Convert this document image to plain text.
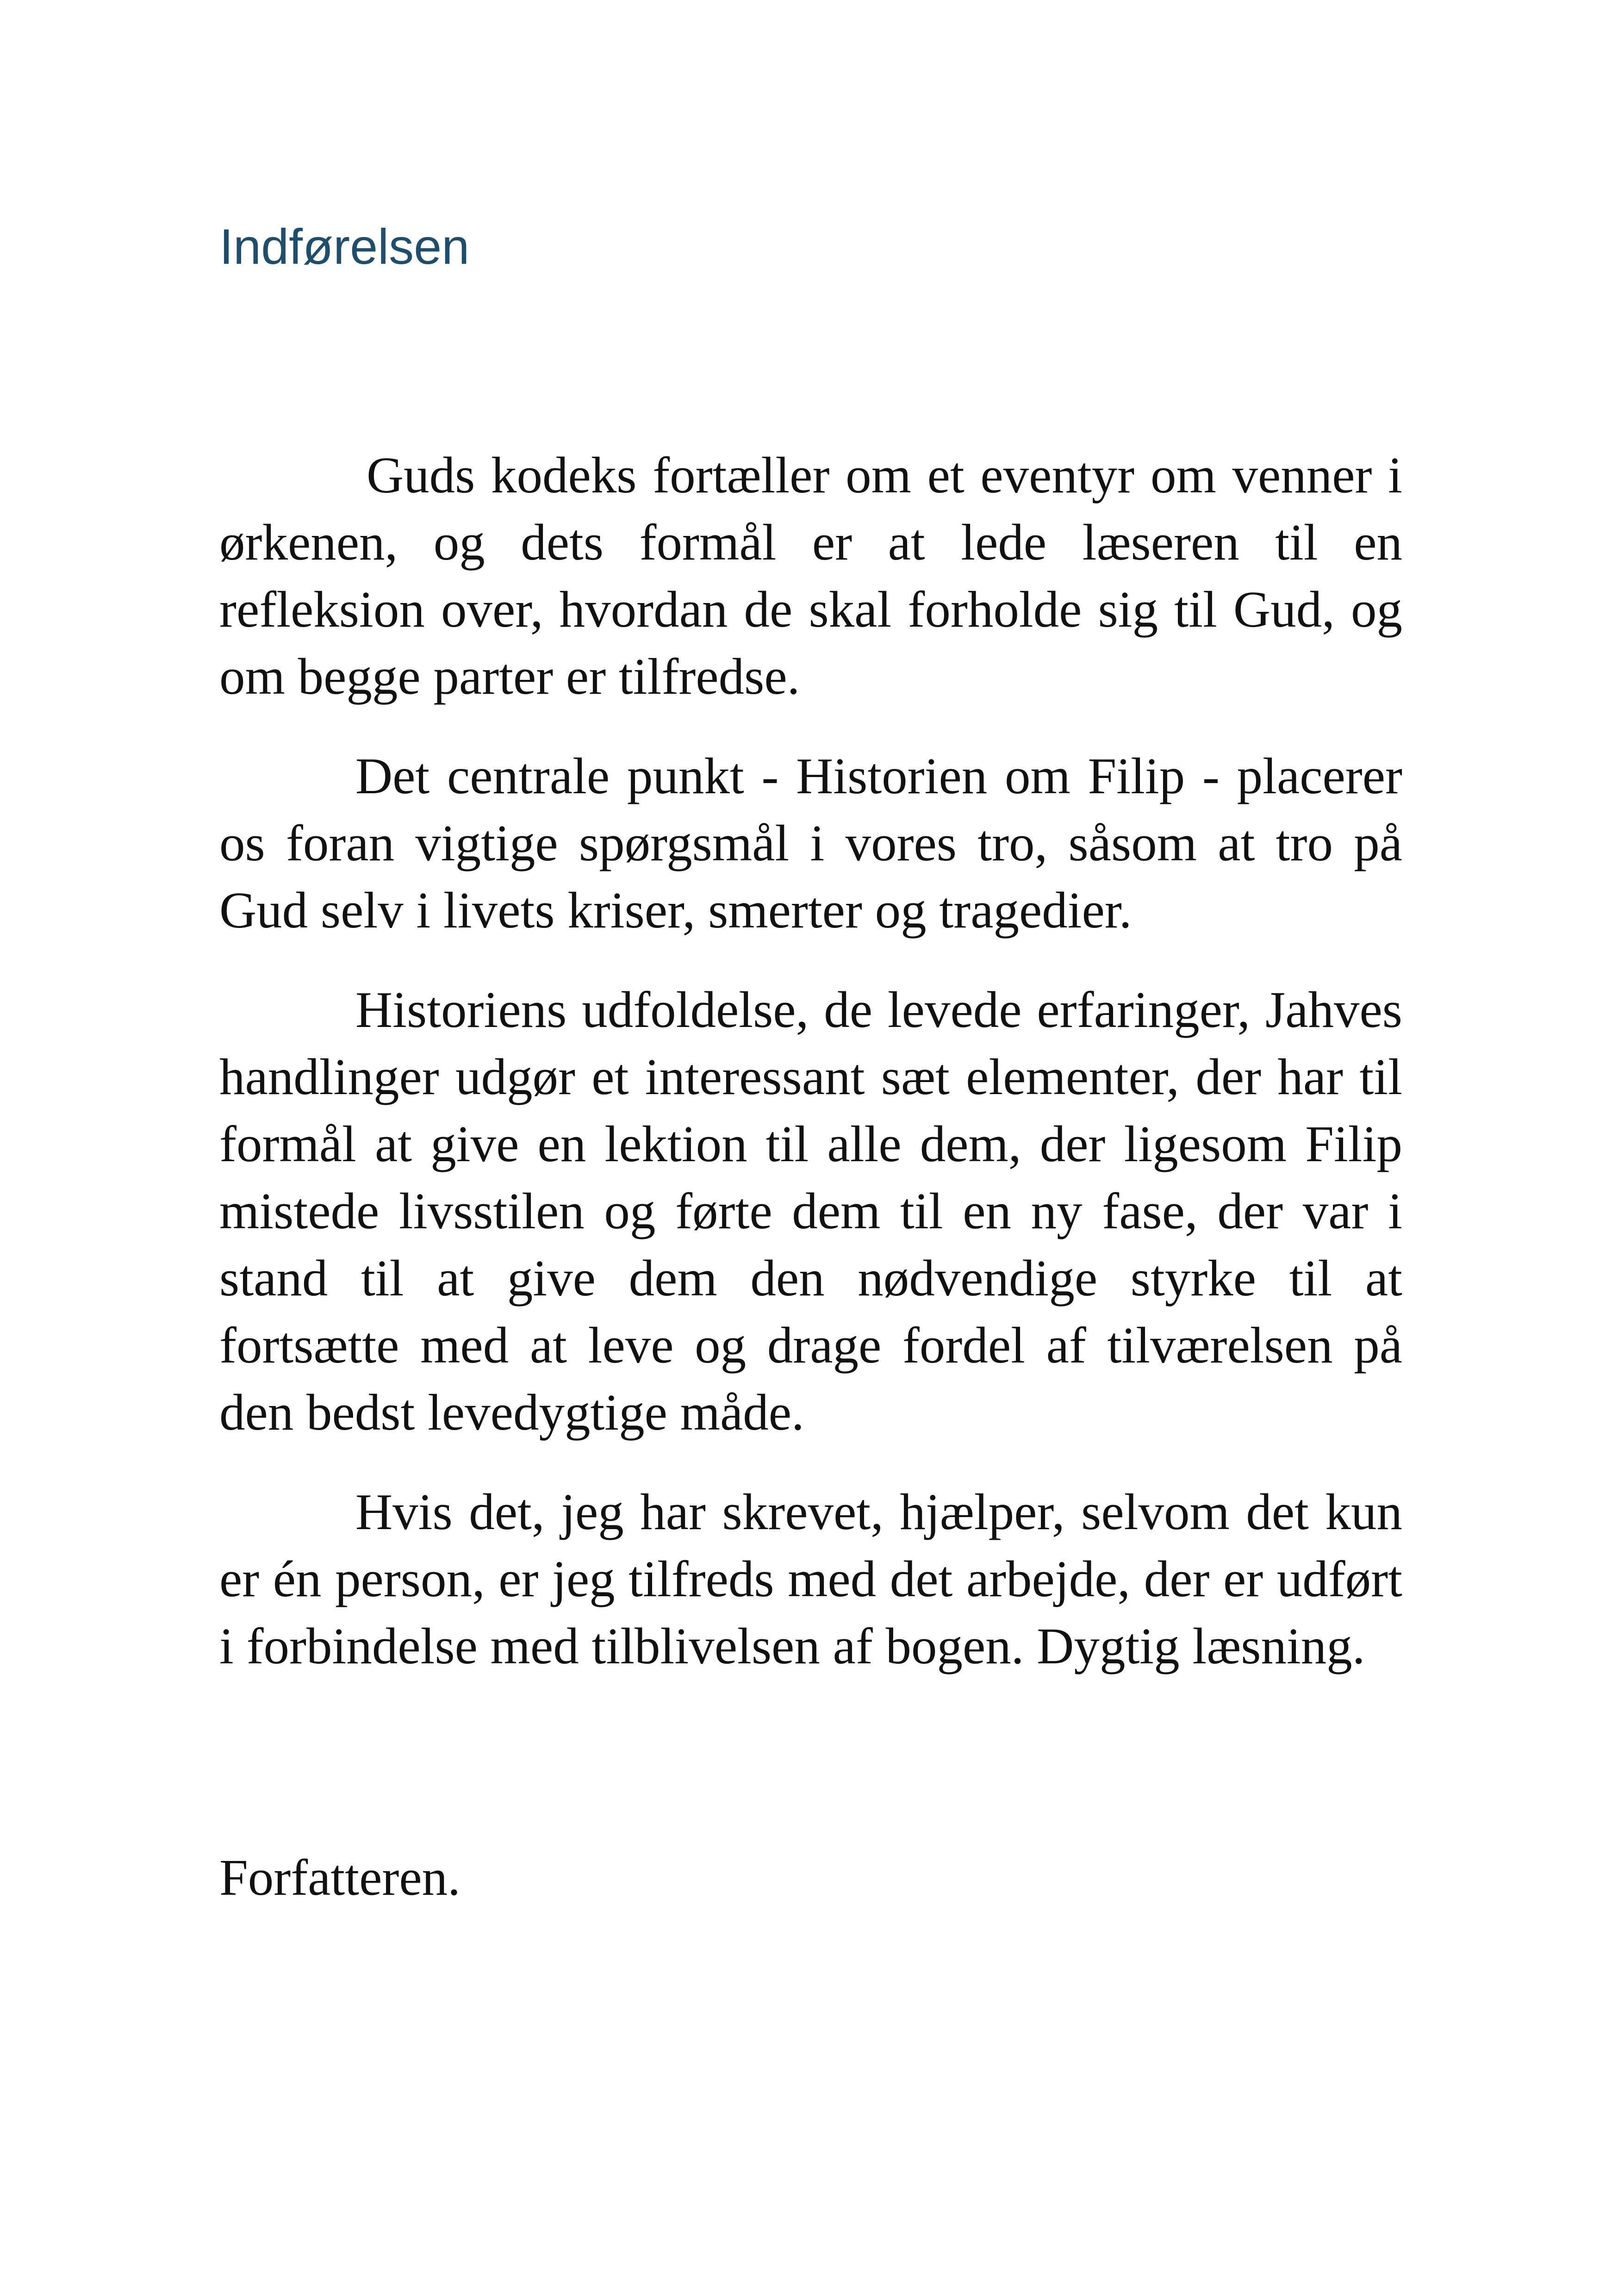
Indførelsen

Guds kodeks fortæller om et eventyr om venner i ørkenen, og dets formål er at lede læseren til en refleksion over, hvordan de skal forholde sig til Gud, og om begge parter er tilfredse.

Det centrale punkt - Historien om Filip - placerer os foran vigtige spørgsmål i vores tro, såsom at tro på Gud selv i livets kriser, smerter og tragedier.

Historiens udfoldelse, de levede erfaringer, Jahves handlinger udgør et interessant sæt elementer, der har til formål at give en lektion til alle dem, der ligesom Filip mistede livsstilen og førte dem til en ny fase, der var i stand til at give dem den nødvendige styrke til at fortsætte med at leve og drage fordel af tilværelsen på den bedst levedygtige måde.

Hvis det, jeg har skrevet, hjælper, selvom det kun er én person, er jeg tilfreds med det arbejde, der er udført i forbindelse med tilblivelsen af bogen. Dygtig læsning.

Forfatteren.
